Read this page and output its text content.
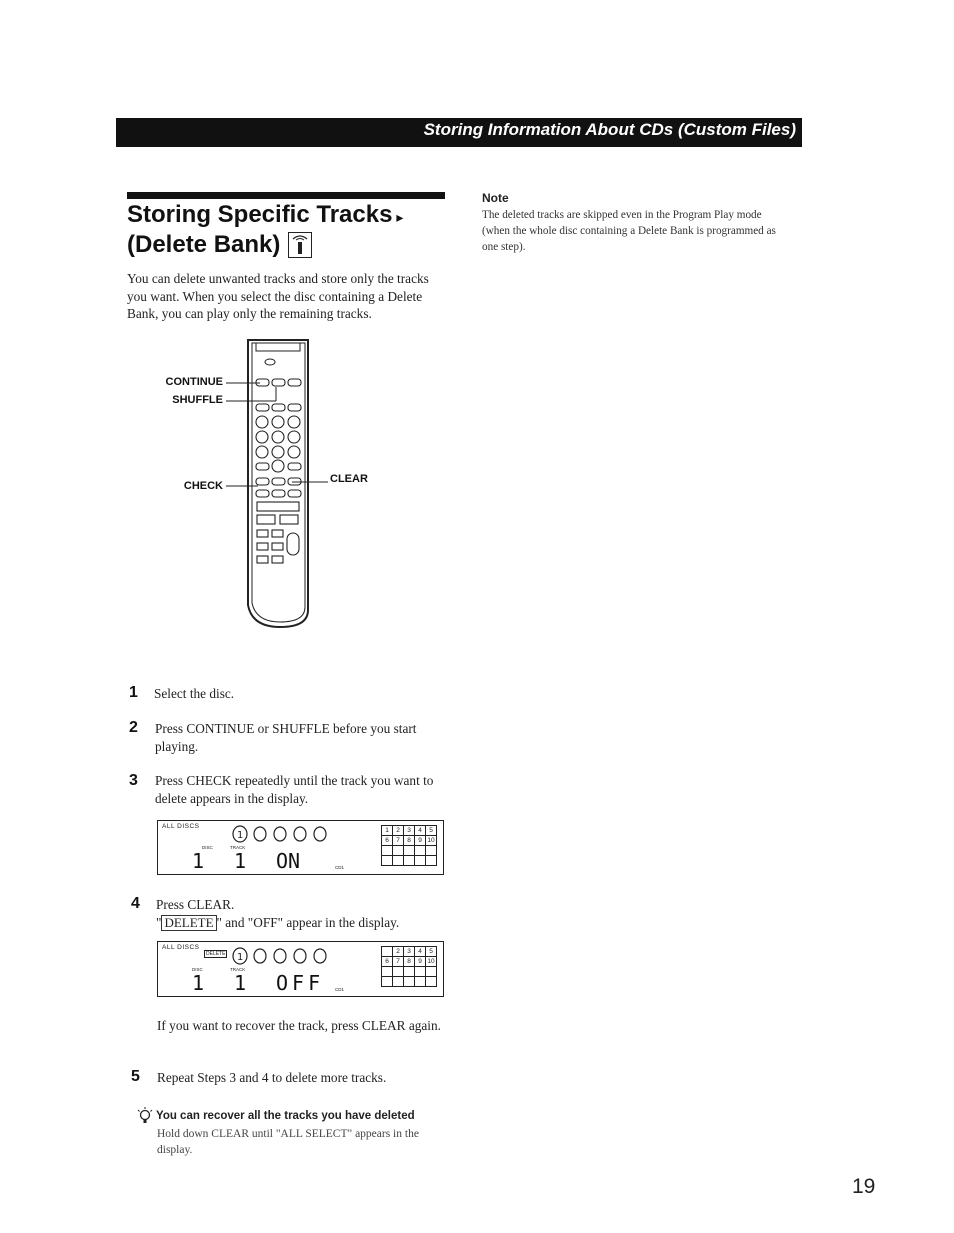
Storing Information About CDs (Custom Files)
Storing Specific Tracks ▸
(Delete Bank)
You can delete unwanted tracks and store only the tracks you want. When you select the disc containing a Delete Bank, you can play only the remaining tracks.
Note
The deleted tracks are skipped even in the Program Play mode (when the whole disc containing a Delete Bank is programmed as one step).
CONTINUE
SHUFFLE
CHECK
CLEAR
1 Select the disc.
2 Press CONTINUE or SHUFFLE before you start playing.
3 Press CHECK repeatedly until the track you want to delete appears in the display.
ALL DISCS
1
DISC	TRACK
1 1 ON	CD1
1	2	3	4	5
6	7	8	9	10

4 Press CLEAR.
" DELETE " and "OFF" appear in the display.
ALL DISCS
DELETE 1
DISC	TRACK
1 1 OFF CD1
	2	3	4	5
6	7	8	9	10

If you want to recover the track, press CLEAR again.
5 Repeat Steps 3 and 4 to delete more tracks.
You can recover all the tracks you have deleted
Hold down CLEAR until "ALL SELECT" appears in the display.
19
